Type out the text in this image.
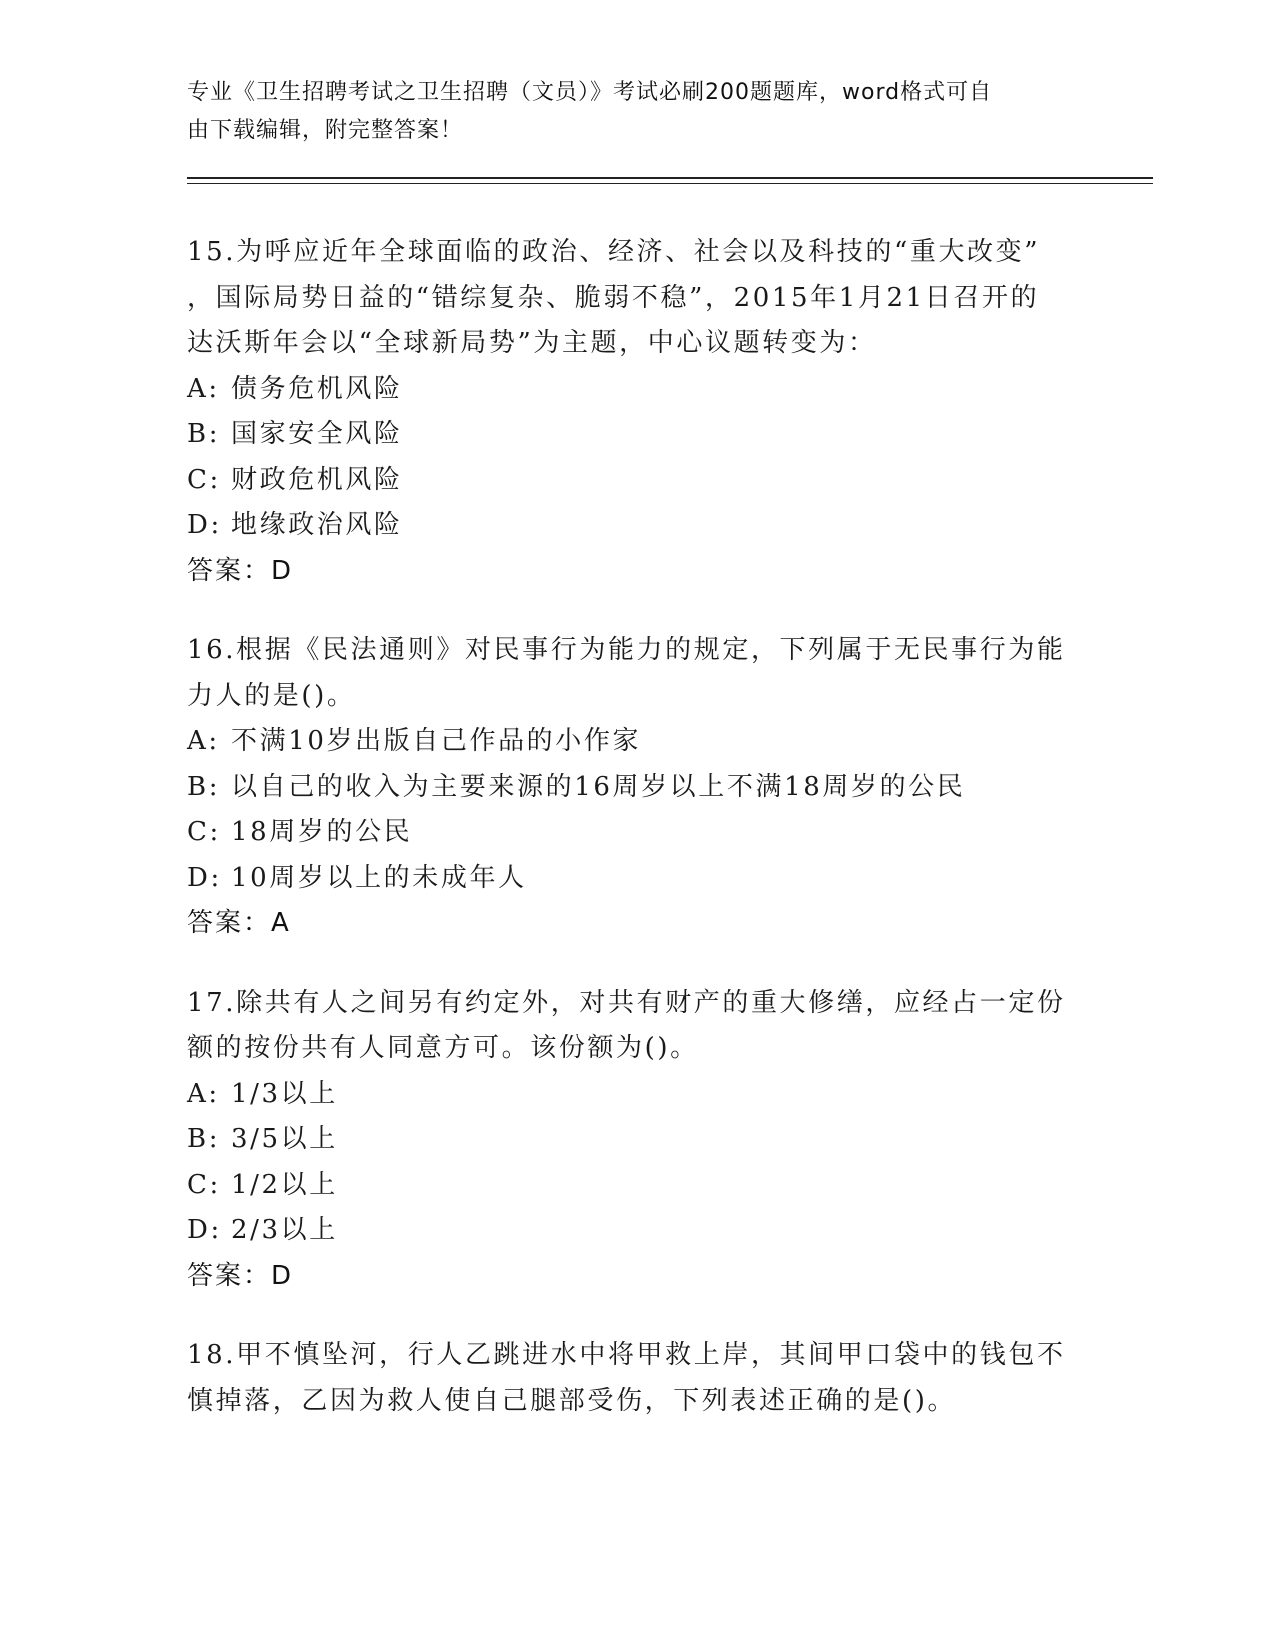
专业《卫生招聘考试之卫生招聘（文员）》考试必刷200题题库，word格式可自
由下载编辑，附完整答案！
15.为呼应近年全球面临的政治、经济、社会以及科技的“重大改变”
，国际局势日益的“错综复杂、脆弱不稳”，2015年1月21日召开的
达沃斯年会以“全球新局势”为主题，中心议题转变为：
A: 债务危机风险
B: 国家安全风险
C: 财政危机风险
D: 地缘政治风险
答案：D
16.根据《民法通则》对民事行为能力的规定，下列属于无民事行为能
力人的是()。
A: 不满10岁出版自己作品的小作家
B: 以自己的收入为主要来源的16周岁以上不满18周岁的公民
C: 18周岁的公民
D: 10周岁以上的未成年人
答案：A
17.除共有人之间另有约定外，对共有财产的重大修缮，应经占一定份
额的按份共有人同意方可。该份额为()。
A: 1/3以上
B: 3/5以上
C: 1/2以上
D: 2/3以上
答案：D
18.甲不慎坠河，行人乙跳进水中将甲救上岸，其间甲口袋中的钱包不
慎掉落，乙因为救人使自己腿部受伤，下列表述正确的是()。
